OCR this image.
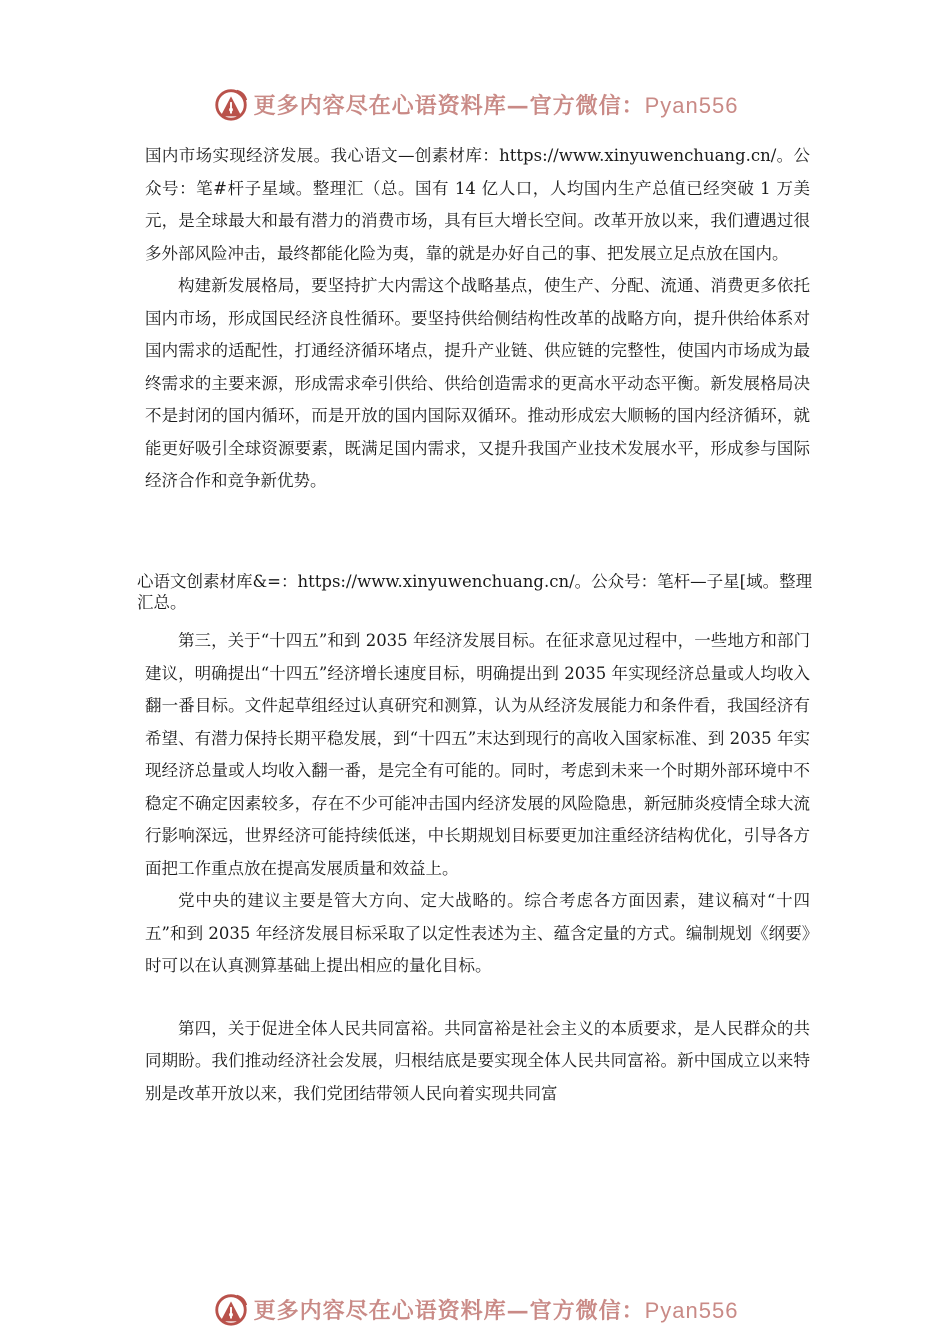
更多内容尽在心语资料库—官方微信：Pyan556

国内市场实现经济发展。我心语文—创素材库：https://www.xinyuwenchuang.cn/。公众号：笔#杆子星域。整理汇（总。国有 14 亿人口，人均国内生产总值已经突破 1 万美元，是全球最大和最有潜力的消费市场，具有巨大增长空间。改革开放以来，我们遭遇过很多外部风险冲击，最终都能化险为夷，靠的就是办好自己的事、把发展立足点放在国内。

构建新发展格局，要坚持扩大内需这个战略基点，使生产、分配、流通、消费更多依托国内市场，形成国民经济良性循环。要坚持供给侧结构性改革的战略方向，提升供给体系对国内需求的适配性，打通经济循环堵点，提升产业链、供应链的完整性，使国内市场成为最终需求的主要来源，形成需求牵引供给、供给创造需求的更高水平动态平衡。新发展格局决不是封闭的国内循环，而是开放的国内国际双循环。推动形成宏大顺畅的国内经济循环，就能更好吸引全球资源要素，既满足国内需求，又提升我国产业技术发展水平，形成参与国际经济合作和竞争新优势。

心语文创素材库&=：https://www.xinyuwenchuang.cn/。公众号：笔杆—子星[域。整理汇总。

第三，关于“十四五”和到 2035 年经济发展目标。在征求意见过程中，一些地方和部门建议，明确提出“十四五”经济增长速度目标，明确提出到 2035 年实现经济总量或人均收入翻一番目标。文件起草组经过认真研究和测算，认为从经济发展能力和条件看，我国经济有希望、有潜力保持长期平稳发展，到“十四五”末达到现行的高收入国家标准、到 2035 年实现经济总量或人均收入翻一番，是完全有可能的。同时，考虑到未来一个时期外部环境中不稳定不确定因素较多，存在不少可能冲击国内经济发展的风险隐患，新冠肺炎疫情全球大流行影响深远，世界经济可能持续低迷，中长期规划目标要更加注重经济结构优化，引导各方面把工作重点放在提高发展质量和效益上。

党中央的建议主要是管大方向、定大战略的。综合考虑各方面因素，建议稿对“十四五”和到 2035 年经济发展目标采取了以定性表述为主、蕴含定量的方式。编制规划《纲要》时可以在认真测算基础上提出相应的量化目标。

第四，关于促进全体人民共同富裕。共同富裕是社会主义的本质要求，是人民群众的共同期盼。我们推动经济社会发展，归根结底是要实现全体人民共同富裕。新中国成立以来特别是改革开放以来，我们党团结带领人民向着实现共同富

更多内容尽在心语资料库—官方微信：Pyan556
